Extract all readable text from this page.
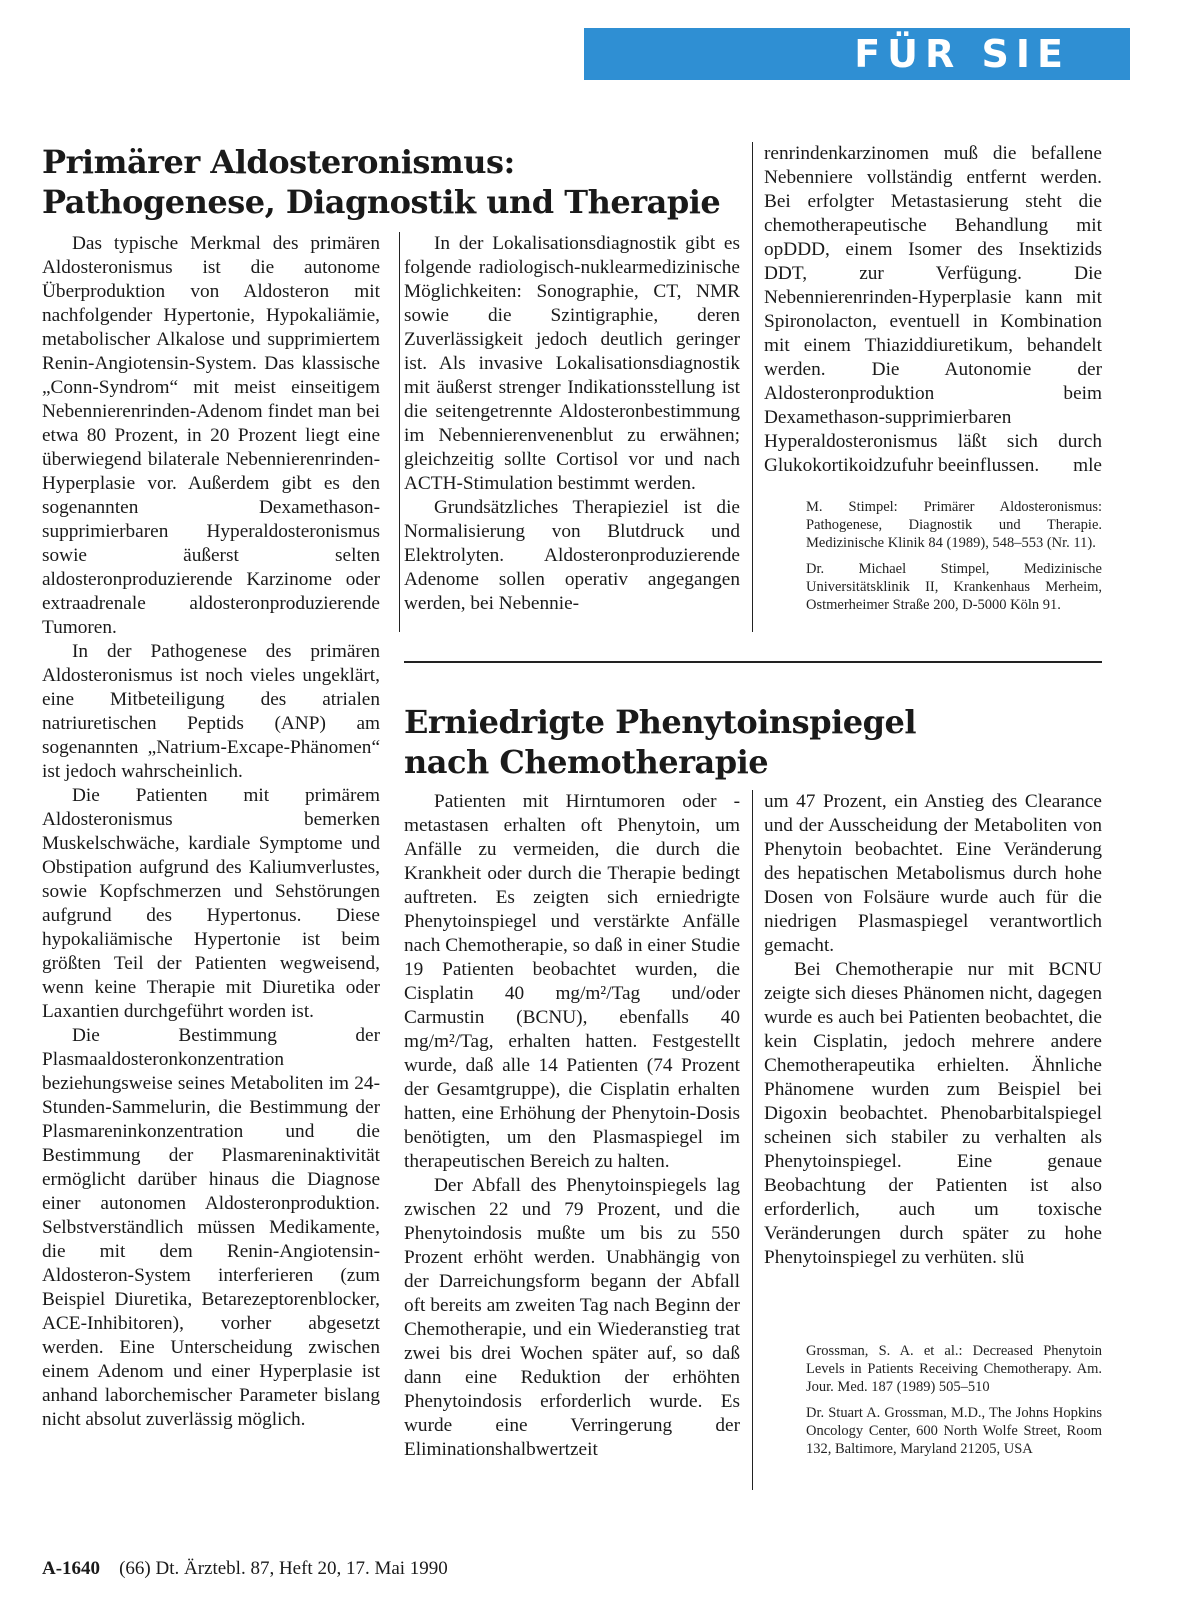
FÜR SIE REFERIERT
Primärer Aldosteronismus:
Pathogenese, Diagnostik und Therapie

Das typische Merkmal des primären Aldosteronismus ist die autonome Überproduktion von Aldosteron mit nachfolgender Hypertonie, Hypokaliämie, metabolischer Alkalose und supprimiertem Renin-Angiotensin-System. Das klassische „Conn-Syndrom“ mit meist einseitigem Nebennierenrinden-Adenom findet man bei etwa 80 Prozent, in 20 Prozent liegt eine überwiegend bilaterale Nebennierenrinden-Hyperplasie vor. Außerdem gibt es den sogenannten Dexamethason-supprimierbaren Hyperaldosteronismus sowie äußerst selten aldosteronproduzierende Karzinome oder extraadrenale aldosteronproduzierende Tumoren.

In der Pathogenese des primären Aldosteronismus ist noch vieles ungeklärt, eine Mitbeteiligung des atrialen natriuretischen Peptids (ANP) am sogenannten „Natrium-Excape-Phänomen“ ist jedoch wahrscheinlich.

Die Patienten mit primärem Aldosteronismus bemerken Muskelschwäche, kardiale Symptome und Obstipation aufgrund des Kaliumverlustes, sowie Kopfschmerzen und Sehstörungen aufgrund des Hypertonus. Diese hypokaliämische Hypertonie ist beim größten Teil der Patienten wegweisend, wenn keine Therapie mit Diuretika oder Laxantien durchgeführt worden ist.

Die Bestimmung der Plasmaaldosteronkonzentration beziehungsweise seines Metaboliten im 24-Stunden-Sammelurin, die Bestimmung der Plasmareninkonzentration und die Bestimmung der Plasmareninaktivität ermöglicht darüber hinaus die Diagnose einer autonomen Aldosteronproduktion. Selbstverständlich müssen Medikamente, die mit dem Renin-Angiotensin-Aldosteron-System interferieren (zum Beispiel Diuretika, Betarezeptorenblocker, ACE-Inhibitoren), vorher abgesetzt werden. Eine Unterscheidung zwischen einem Adenom und einer Hyperplasie ist anhand laborchemischer Parameter bislang nicht absolut zuverlässig möglich.

In der Lokalisationsdiagnostik gibt es folgende radiologisch-nuklearmedizinische Möglichkeiten: Sonographie, CT, NMR sowie die Szintigraphie, deren Zuverlässigkeit jedoch deutlich geringer ist. Als invasive Lokalisationsdiagnostik mit äußerst strenger Indikationsstellung ist die seitengetrennte Aldosteronbestimmung im Nebennierenvenenblut zu erwähnen; gleichzeitig sollte Cortisol vor und nach ACTH-Stimulation bestimmt werden.

Grundsätzliches Therapieziel ist die Normalisierung von Blutdruck und Elektrolyten. Aldosteronproduzierende Adenome sollen operativ angegangen werden, bei Nebennie-

renrindenkarzinomen muß die befallene Nebenniere vollständig entfernt werden. Bei erfolgter Metastasierung steht die chemotherapeutische Behandlung mit opDDD, einem Isomer des Insektizids DDT, zur Verfügung. Die Nebennierenrinden-Hyperplasie kann mit Spironolacton, eventuell in Kombination mit einem Thiaziddiuretikum, behandelt werden. Die Autonomie der Aldosteronproduktion beim Dexamethason-supprimierbaren Hyperaldosteronismus läßt sich durch Glukokortikoidzufuhr beeinflussen. mle

M. Stimpel: Primärer Aldosteronismus: Pathogenese, Diagnostik und Therapie. Medizinische Klinik 84 (1989), 548–553 (Nr. 11).

Dr. Michael Stimpel, Medizinische Universitätsklinik II, Krankenhaus Merheim, Ostmerheimer Straße 200, D-5000 Köln 91.

Erniedrigte Phenytoinspiegel
nach Chemotherapie

Patienten mit Hirntumoren oder -metastasen erhalten oft Phenytoin, um Anfälle zu vermeiden, die durch die Krankheit oder durch die Therapie bedingt auftreten. Es zeigten sich erniedrigte Phenytoinspiegel und verstärkte Anfälle nach Chemotherapie, so daß in einer Studie 19 Patienten beobachtet wurden, die Cisplatin 40 mg/m²/Tag und/oder Carmustin (BCNU), ebenfalls 40 mg/m²/Tag, erhalten hatten. Festgestellt wurde, daß alle 14 Patienten (74 Prozent der Gesamtgruppe), die Cisplatin erhalten hatten, eine Erhöhung der Phenytoin-Dosis benötigten, um den Plasmaspiegel im therapeutischen Bereich zu halten.

Der Abfall des Phenytoinspiegels lag zwischen 22 und 79 Prozent, und die Phenytoindosis mußte um bis zu 550 Prozent erhöht werden. Unabhängig von der Darreichungsform begann der Abfall oft bereits am zweiten Tag nach Beginn der Chemotherapie, und ein Wiederanstieg trat zwei bis drei Wochen später auf, so daß dann eine Reduktion der erhöhten Phenytoindosis erforderlich wurde. Es wurde eine Verringerung der Eliminationshalbwertzeit

um 47 Prozent, ein Anstieg des Clearance und der Ausscheidung der Metaboliten von Phenytoin beobachtet. Eine Veränderung des hepatischen Metabolismus durch hohe Dosen von Folsäure wurde auch für die niedrigen Plasmaspiegel verantwortlich gemacht.

Bei Chemotherapie nur mit BCNU zeigte sich dieses Phänomen nicht, dagegen wurde es auch bei Patienten beobachtet, die kein Cisplatin, jedoch mehrere andere Chemotherapeutika erhielten. Ähnliche Phänomene wurden zum Beispiel bei Digoxin beobachtet. Phenobarbitalspiegel scheinen sich stabiler zu verhalten als Phenytoinspiegel. Eine genaue Beobachtung der Patienten ist also erforderlich, auch um toxische Veränderungen durch später zu hohe Phenytoinspiegel zu verhüten. slü

Grossman, S. A. et al.: Decreased Phenytoin Levels in Patients Receiving Chemotherapy. Am. Jour. Med. 187 (1989) 505–510

Dr. Stuart A. Grossman, M.D., The Johns Hopkins Oncology Center, 600 North Wolfe Street, Room 132, Baltimore, Maryland 21205, USA

A-1640 (66) Dt. Ärztebl. 87, Heft 20, 17. Mai 1990
